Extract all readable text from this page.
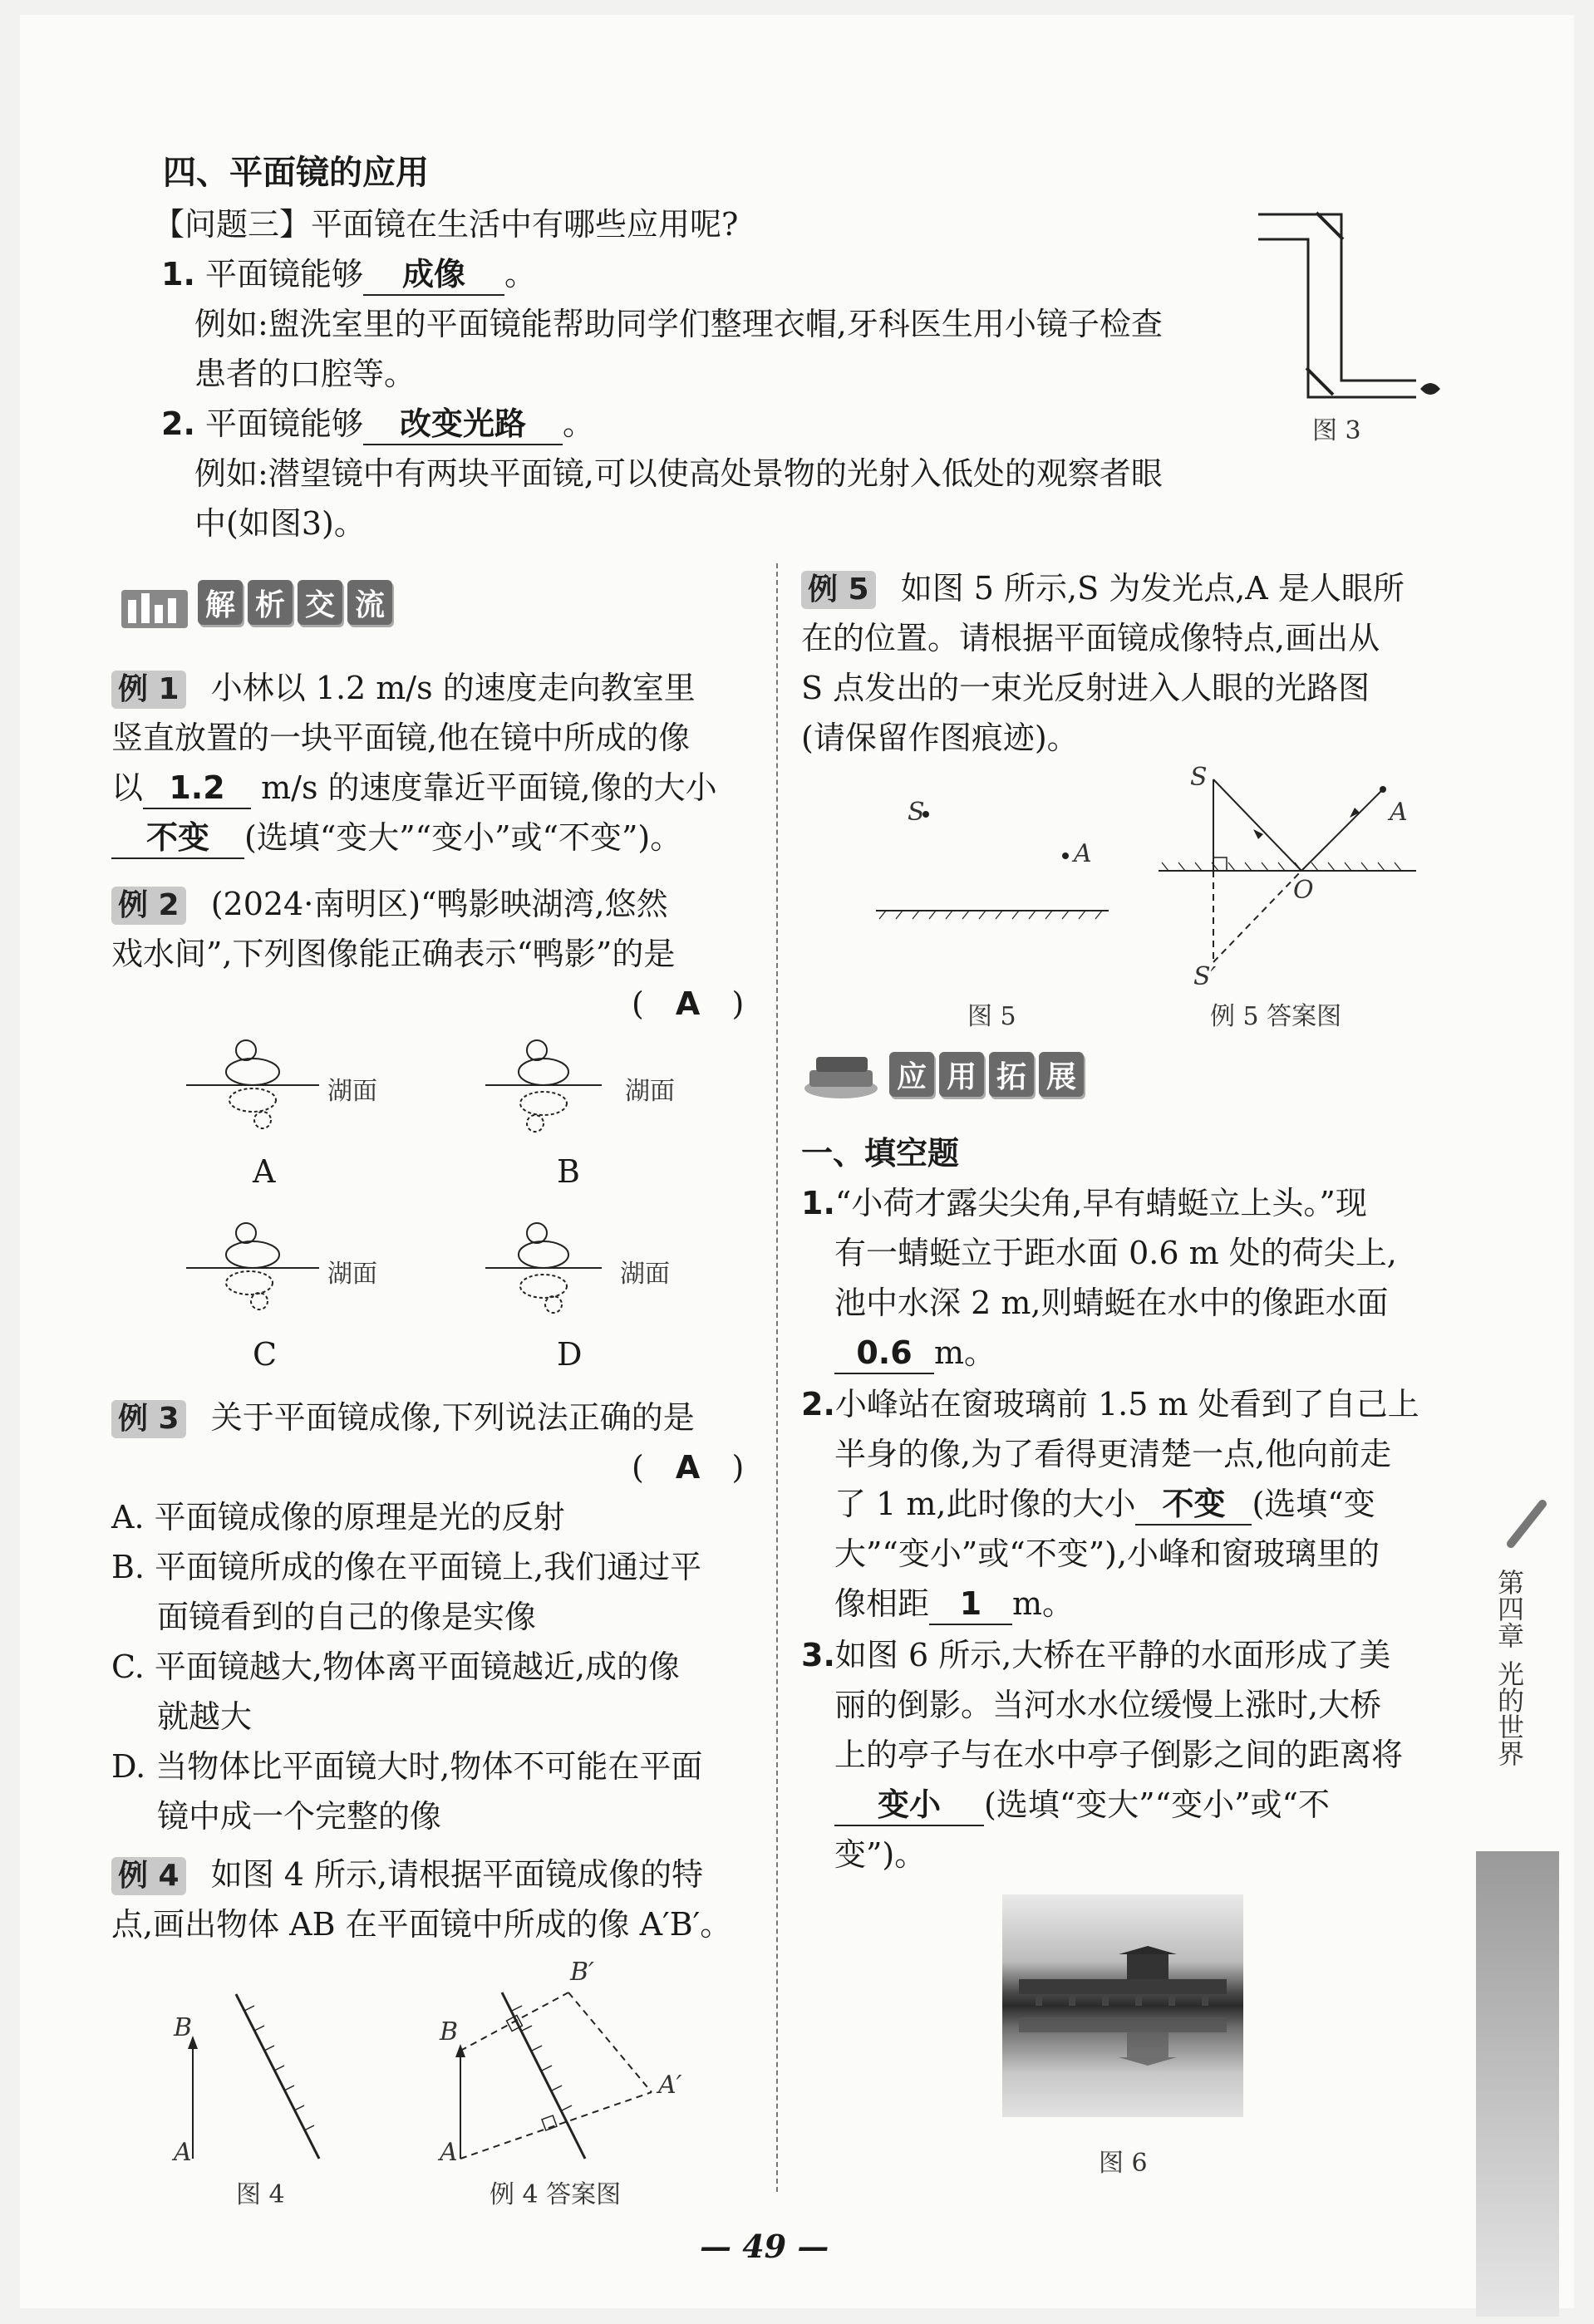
四、平面镜的应用
【问题三】平面镜在生活中有哪些应用呢?
1. 平面镜能够 成像 。
例如:盥洗室里的平面镜能帮助同学们整理衣帽,牙科医生用小镜子检查
患者的口腔等。
2. 平面镜能够 改变光路 。
例如:潜望镜中有两块平面镜,可以使高处景物的光射入低处的观察者眼
中(如图3)。
图 3
解 析 交 流
例 1 小林以 1.2 m/s 的速度走向教室里
竖直放置的一块平面镜,他在镜中所成的像
以 1.2 m/s 的速度靠近平面镜,像的大小
不变 (选填“变大”“变小”或“不变”)。
例 2 (2024·南明区)“鸭影映湖湾,悠然
戏水间”,下列图像能正确表示“鸭影”的是
( A )
湖面	湖面
湖面	湖面
A	B
C	D
例 3 关于平面镜成像,下列说法正确的是
( A )
A. 平面镜成像的原理是光的反射
B. 平面镜所成的像在平面镜上,我们通过平
面镜看到的自己的像是实像
C. 平面镜越大,物体离平面镜越近,成的像
就越大
D. 当物体比平面镜大时,物体不可能在平面
镜中成一个完整的像
例 4 如图 4 所示,请根据平面镜成像的特
点,画出物体 AB 在平面镜中所成的像 A′B′。
B
A
B
A
B′
A′
图 4	例 4 答案图
例 5 如图 5 所示,S 为发光点,A 是人眼所
在的位置。请根据平面镜成像特点,画出从
S 点发出的一束光反射进入人眼的光路图
(请保留作图痕迹)。
S
A
S
A
O
S′
图 5	例 5 答案图
应 用 拓 展
一、填空题
1.“小荷才露尖尖角,早有蜻蜓立上头。”现
有一蜻蜓立于距水面 0.6 m 处的荷尖上,
池中水深 2 m,则蜻蜓在水中的像距水面
0.6 m。
2.小峰站在窗玻璃前 1.5 m 处看到了自己上
半身的像,为了看得更清楚一点,他向前走
了 1 m,此时像的大小 不变 (选填“变
大”“变小”或“不变”),小峰和窗玻璃里的
像相距 1 m。
3.如图 6 所示,大桥在平静的水面形成了美
丽的倒影。当河水水位缓慢上涨时,大桥
上的亭子与在水中亭子倒影之间的距离将
变小 (选填“变大”“变小”或“不
变”)。
图 6
第四章
光的世界
— 49 —
